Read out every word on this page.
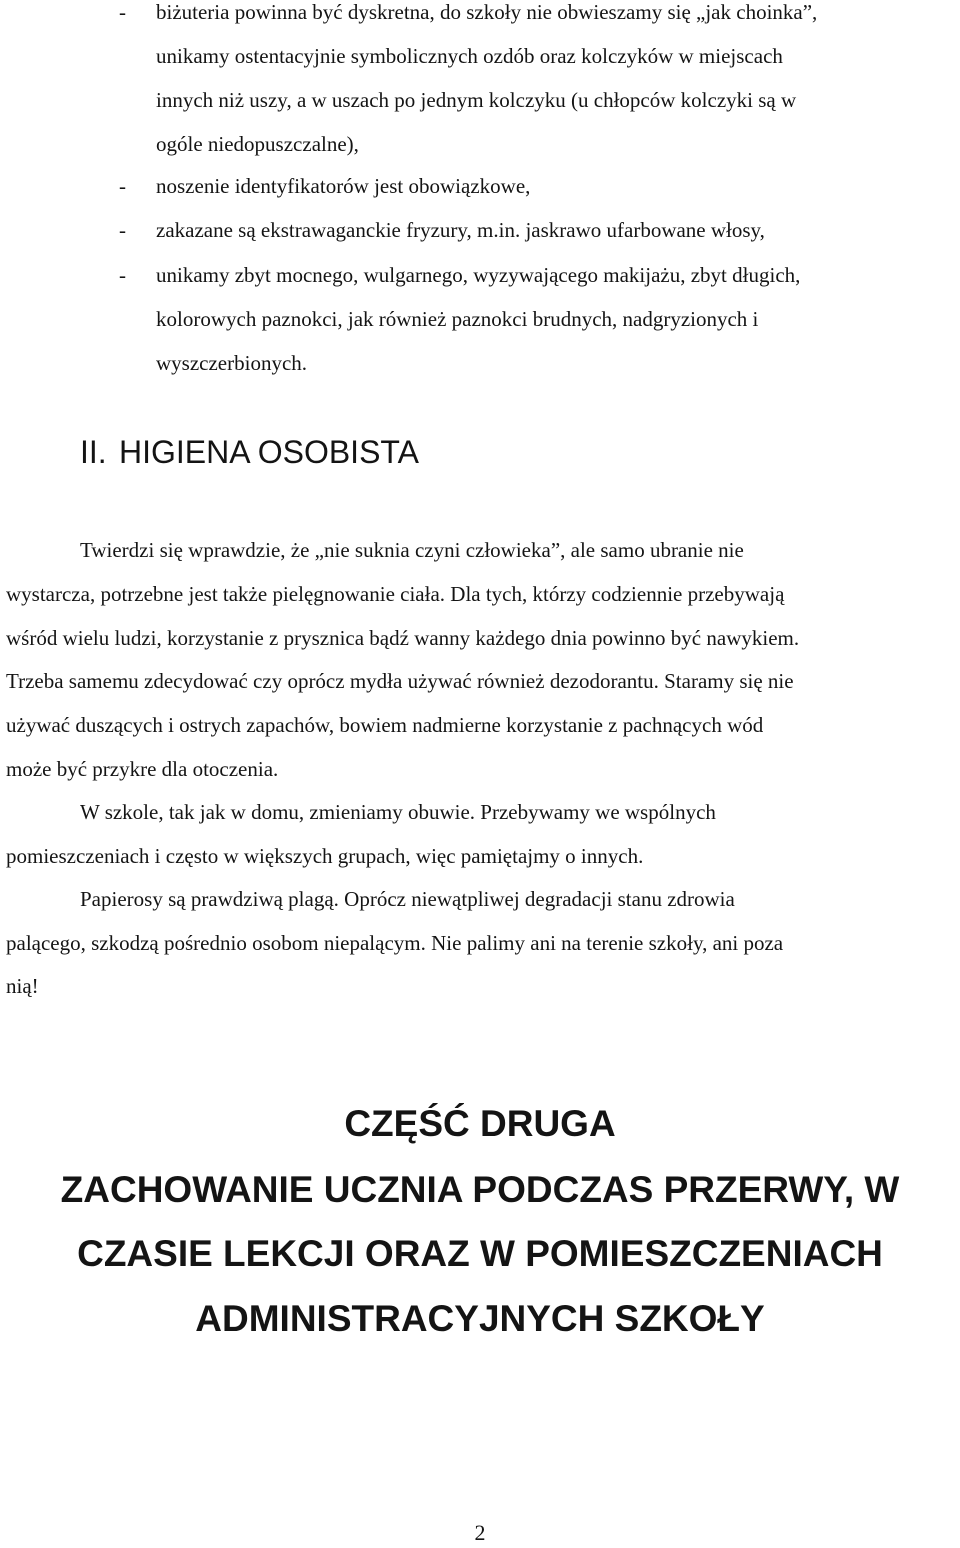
- biżuteria powinna być dyskretna, do szkoły nie obwieszamy się „jak choinka”,
unikamy ostentacyjnie symbolicznych ozdób oraz kolczyków w miejscach
innych niż uszy, a w uszach po jednym kolczyku (u chłopców kolczyki są w
ogóle niedopuszczalne),
- noszenie identyfikatorów jest obowiązkowe,
- zakazane są ekstrawaganckie fryzury, m.in. jaskrawo ufarbowane włosy,
- unikamy zbyt mocnego, wulgarnego, wyzywającego makijażu, zbyt długich,
kolorowych paznokci, jak również paznokci brudnych, nadgryzionych i
wyszczerbionych.
II. HIGIENA OSOBISTA
Twierdzi się wprawdzie, że „nie suknia czyni człowieka”, ale samo ubranie nie
wystarcza, potrzebne jest także pielęgnowanie ciała. Dla tych, którzy codziennie przebywają
wśród wielu ludzi, korzystanie z prysznica bądź wanny każdego dnia powinno być nawykiem.
Trzeba samemu zdecydować czy oprócz mydła używać również dezodorantu. Staramy się nie
używać duszących i ostrych zapachów, bowiem nadmierne korzystanie z pachnących wód
może być przykre dla otoczenia.
W szkole, tak jak w domu, zmieniamy obuwie. Przebywamy we wspólnych
pomieszczeniach i często w większych grupach, więc pamiętajmy o innych.
Papierosy są prawdziwą plagą. Oprócz niewątpliwej degradacji stanu zdrowia
palącego, szkodzą pośrednio osobom niepalącym. Nie palimy ani na terenie szkoły, ani poza
nią!
CZĘŚĆ DRUGA
ZACHOWANIE UCZNIA PODCZAS PRZERWY, W
CZASIE LEKCJI ORAZ W POMIESZCZENIACH
ADMINISTRACYJNYCH SZKOŁY
2
